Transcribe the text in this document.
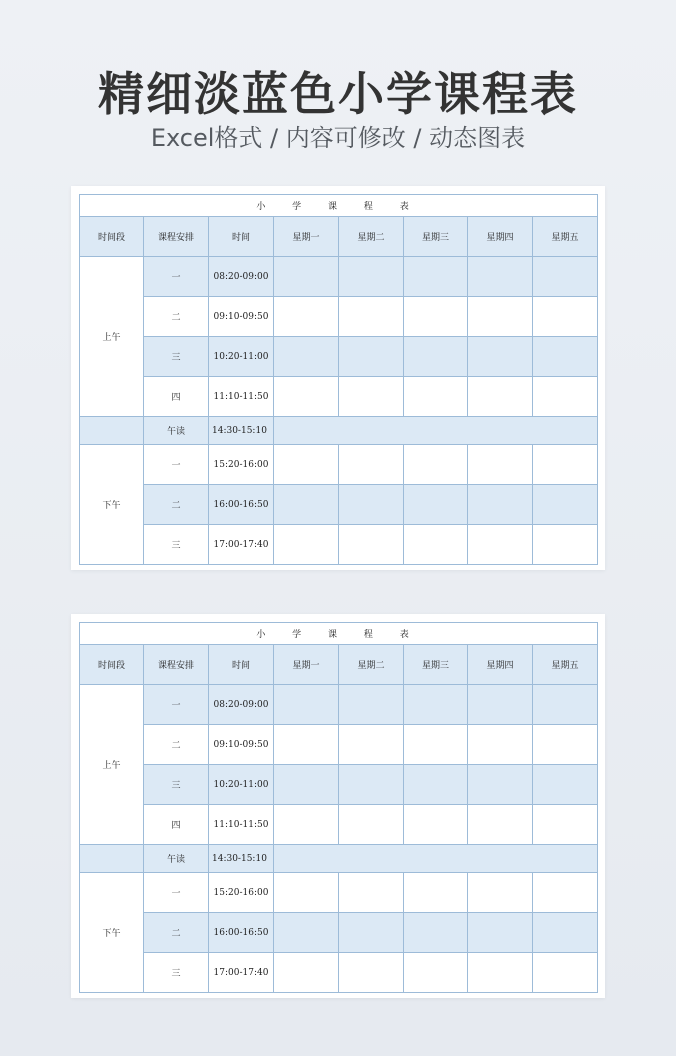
精细淡蓝色小学课程表
Excel格式 / 内容可修改 / 动态图表
小 学 课 程 表							
时间段	课程安排	时间	星期一	星期二	星期三	星期四	星期五
上午	一	08:20-09:00					
	二	09:10-09:50					
	三	10:20-11:00					
	四	11:10-11:50					
	午读	14:30-15:10					
下午	一	15:20-16:00					
	二	16:00-16:50					
	三	17:00-17:40					
小 学 课 程 表							
时间段	课程安排	时间	星期一	星期二	星期三	星期四	星期五
上午	一	08:20-09:00					
	二	09:10-09:50					
	三	10:20-11:00					
	四	11:10-11:50					
	午读	14:30-15:10					
下午	一	15:20-16:00					
	二	16:00-16:50					
	三	17:00-17:40					
